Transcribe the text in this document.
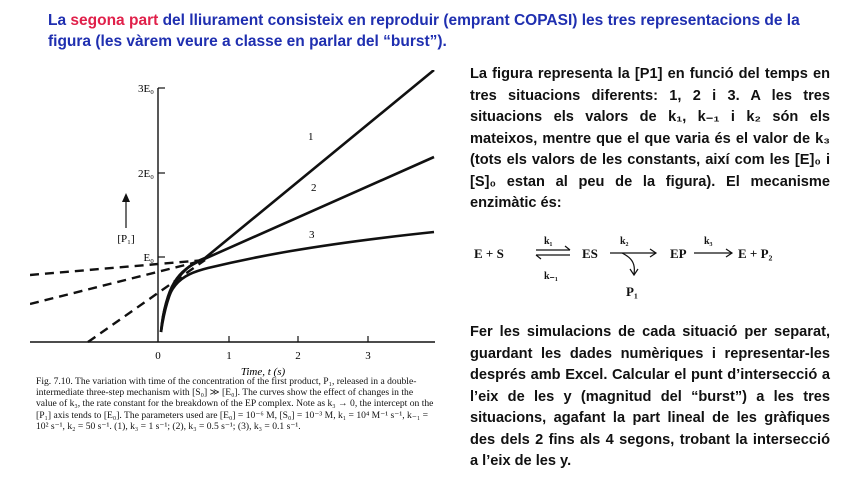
La segona part del lliurament consisteix en reproduir (emprant COPASI) les tres representacions de la figura (les vàrem veure a classe en parlar del “burst”).
3E₀
2E₀
E₀
[P₁]
0	1	2	3
Time, t (s)
1
2
3
Fig. 7.10. The variation with time of the concentration of the first product, P₁, released in a double-intermediate three-step mechanism with [S₀] ≫ [E₀]. The curves show the effect of changes in the value of k₃, the rate constant for the breakdown of the EP complex. Note as k₃ → 0, the intercept on the [P₁] axis tends to [E₀]. The parameters used are [E₀] = 10⁻⁶ M, [S₀] = 10⁻³ M, k₁ = 10⁴ M⁻¹ s⁻¹, k₋₁ = 10² s⁻¹, k₂ = 50 s⁻¹. (1), k₃ = 1 s⁻¹; (2), k₃ = 0.5 s⁻¹; (3), k₃ = 0.1 s⁻¹.
La figura representa la [P1] en funció del temps en tres situacions diferents: 1, 2 i 3. A les tres situacions els valors de k₁, k₋₁ i k₂ són els mateixos, mentre que el que varia és el valor de k₃ (tots els valors de les constants, així com les [E]₀ i [S]₀ estan al peu de la figura). El mecanisme enzimàtic és:
E + S
k₁
k₋₁
ES
k₂
EP
k₃
E + P₂
P₁
Fer les simulacions de cada situació per separat, guardant les dades numèriques i representar-les després amb Excel. Calcular el punt d’intersecció a l’eix de les y (magnitud del “burst”) a les tres situacions, agafant la part lineal de les gràfiques des dels 2 fins als 4 segons, trobant la intersecció a l’eix de les y.
